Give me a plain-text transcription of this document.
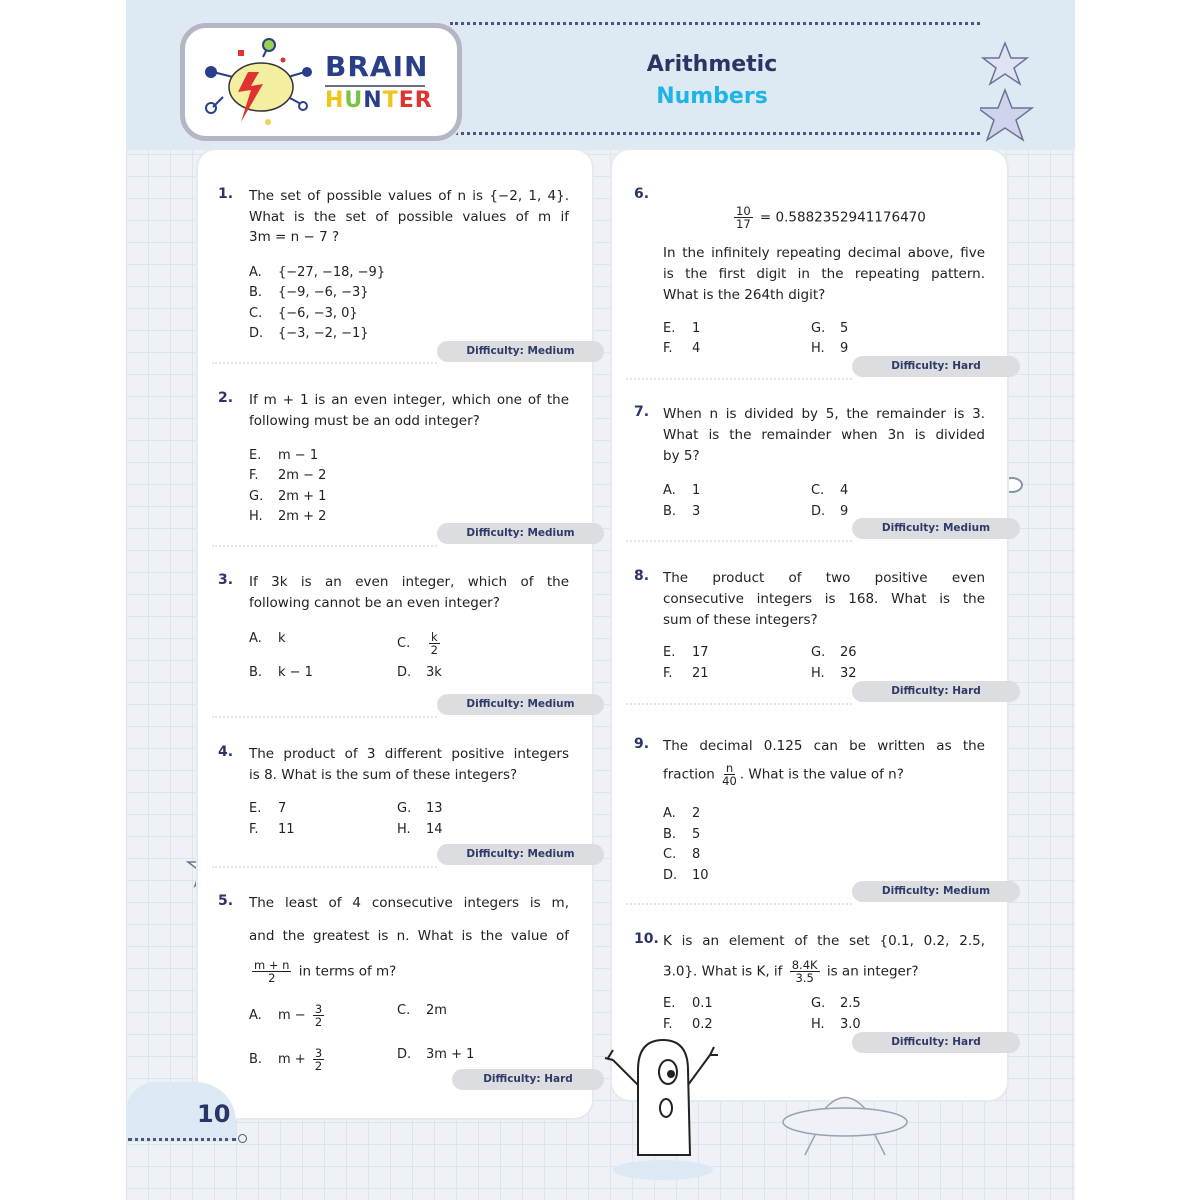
BRAIN
HUNTER
Arithmetic
Numbers
1. The set of possible values of n is {−2, 1, 4}.
What is the set of possible values of m if
3m = n − 7 ?
A. {−27, −18, −9}
B. {−9, −6, −3}
C. {−6, −3, 0}
D. {−3, −2, −1}
Difficulty: Medium
2. If m + 1 is an even integer, which one of the
following must be an odd integer?
E. m − 1
F. 2m − 2
G. 2m + 1
H. 2m + 2
Difficulty: Medium
3. If 3k is an even integer, which of the
following cannot be an even integer?
A. k	C. $\frac{k}{2}$
B. k − 1	D. 3k
Difficulty: Medium
4. The product of 3 different positive integers
is 8. What is the sum of these integers?
E. 7	G. 13
F. 11	H. 14
Difficulty: Medium
5. The least of 4 consecutive integers is m,
and the greatest is n. What is the value of
$\frac{m + n}{2}$ in terms of m?
A. $m - \frac{3}{2}$	C. 2m
B. $m + \frac{3}{2}$	D. 3m + 1
Difficulty: Hard
6.
$\frac{10}{17} = 0.5882352941176470$
In the infinitely repeating decimal above, five
is the first digit in the repeating pattern.
What is the 264th digit?
E. 1	G. 5
F. 4	H. 9
Difficulty: Hard
7. When n is divided by 5, the remainder is 3.
What is the remainder when 3n is divided
by 5?
A. 1	C. 4
B. 3	D. 9
Difficulty: Medium
8. The product of two positive even
consecutive integers is 168. What is the
sum of these integers?
E. 17	G. 26
F. 21	H. 32
Difficulty: Hard
9. The decimal 0.125 can be written as the
fraction $\frac{n}{40}$ . What is the value of n?
A. 2
B. 5
C. 8
D. 10
Difficulty: Medium
10. K is an element of the set {0.1, 0.2, 2.5,
3.0}. What is K, if $\frac{8.4K}{3.5}$ is an integer?
E. 0.1	G. 2.5
F. 0.2	H. 3.0
Difficulty: Hard
10
